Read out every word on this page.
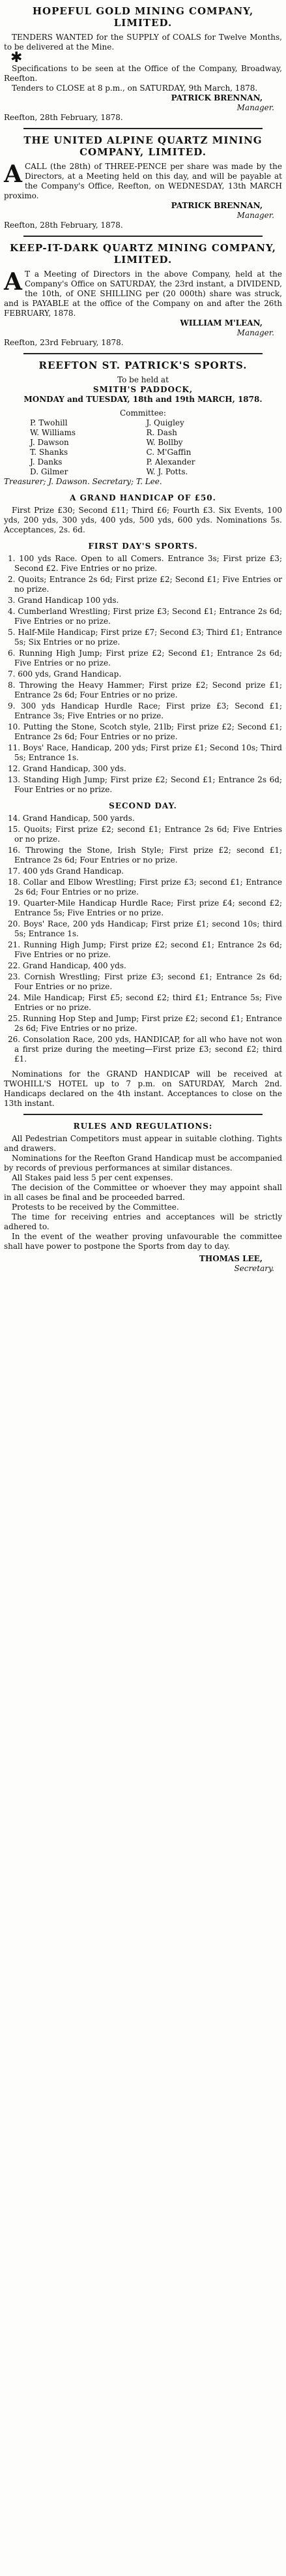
HOPEFUL GOLD MINING COMPANY, LIMITED.

TENDERS WANTED for the SUPPLY of COALS for Twelve Months, to be delivered at the Mine.

✱

Specifications to be seen at the Office of the Company, Broadway, Reefton.

Tenders to CLOSE at 8 p.m., on SATURDAY, 9th March, 1878.

PATRICK BRENNAN,
Manager.

Reefton, 28th February, 1878.

THE UNITED ALPINE QUARTZ MINING COMPANY, LIMITED.
A CALL (the 28th) of THREE-PENCE per share was made by the Directors, at a Meeting held on this day, and will be payable at the Company's Office, Reefton, on WEDNESDAY, 13th MARCH proximo.

PATRICK BRENNAN,
Manager.

Reefton, 28th February, 1878.

KEEP-IT-DARK QUARTZ MINING COMPANY, LIMITED.
A T a Meeting of Directors in the above Company, held at the Company's Office on SATURDAY, the 23rd instant, a DIVIDEND, the 10th, of ONE SHILLING per (20 000th) share was struck, and is PAYABLE at the office of the Company on and after the 26th FEBRUARY, 1878.

WILLIAM M'LEAN,
Manager.

Reefton, 23rd February, 1878.

REEFTON ST. PATRICK'S SPORTS.
To be held at
SMITH'S PADDOCK,
MONDAY and TUESDAY, 18th and 19th MARCH, 1878.
Committee:
P. Twohill	J. Quigley
W. Williams	R. Dash
J. Dawson	W. Bollby
T. Shanks	C. M'Gaffin
J. Danks	P. Alexander
D. Gilmer	W. J. Potts.

Treasurer; J. Dawson. Secretary; T. Lee.

A GRAND HANDICAP OF £50.

First Prize £30; Second £11; Third £6; Fourth £3. Six Events, 100 yds, 200 yds, 300 yds, 400 yds, 500 yds, 600 yds. Nominations 5s. Acceptances, 2s. 6d.

FIRST DAY'S SPORTS.

1. 100 yds Race. Open to all Comers. Entrance 3s; First prize £3; Second £2. Five Entries or no prize.

2. Quoits; Entrance 2s 6d; First prize £2; Second £1; Five Entries or no prize.

3. Grand Handicap 100 yds.

4. Cumberland Wrestling; First prize £3; Second £1; Entrance 2s 6d; Five Entries or no prize.

5. Half-Mile Handicap; First prize £7; Second £3; Third £1; Entrance 5s; Six Entries or no prize.

6. Running High Jump; First prize £2; Second £1; Entrance 2s 6d; Five Entries or no prize.

7. 600 yds, Grand Handicap.

8. Throwing the Heavy Hammer; First prize £2; Second prize £1; Entrance 2s 6d; Four Entries or no prize.

9. 300 yds Handicap Hurdle Race; First prize £3; Second £1; Entrance 3s; Five Entries or no prize.

10. Putting the Stone, Scotch style, 21lb; First prize £2; Second £1; Entrance 2s 6d; Four Entries or no prize.

11. Boys' Race, Handicap, 200 yds; First prize £1; Second 10s; Third 5s; Entrance 1s.

12. Grand Handicap, 300 yds.

13. Standing High Jump; First prize £2; Second £1; Entrance 2s 6d; Four Entries or no prize.

SECOND DAY.

14. Grand Handicap, 500 yards.

15. Quoits; First prize £2; second £1; Entrance 2s 6d; Five Entries or no prize.

16. Throwing the Stone, Irish Style; First prize £2; second £1; Entrance 2s 6d; Four Entries or no prize.

17. 400 yds Grand Handicap.

18. Collar and Elbow Wrestling; First prize £3; second £1; Entrance 2s 6d; Four Entries or no prize.

19. Quarter-Mile Handicap Hurdle Race; First prize £4; second £2; Entrance 5s; Five Entries or no prize.

20. Boys' Race, 200 yds Handicap; First prize £1; second 10s; third 5s; Entrance 1s.

21. Running High Jump; First prize £2; second £1; Entrance 2s 6d; Five Entries or no prize.

22. Grand Handicap, 400 yds.

23. Cornish Wrestling; First prize £3; second £1; Entrance 2s 6d; Four Entries or no prize.

24. Mile Handicap; First £5; second £2; third £1; Entrance 5s; Five Entries or no prize.

25. Running Hop Step and Jump; First prize £2; second £1; Entrance 2s 6d; Five Entries or no prize.

26. Consolation Race, 200 yds, HANDICAP, for all who have not won a first prize during the meeting—First prize £3; second £2; third £1.

Nominations for the GRAND HANDICAP will be received at TWOHILL'S HOTEL up to 7 p.m. on SATURDAY, March 2nd. Handicaps declared on the 4th instant. Acceptances to close on the 13th instant.

RULES AND REGULATIONS:

All Pedestrian Competitors must appear in suitable clothing. Tights and drawers.

Nominations for the Reefton Grand Handicap must be accompanied by records of previous performances at similar distances.

All Stakes paid less 5 per cent expenses.

The decision of the Committee or whoever they may appoint shall in all cases be final and be proceeded barred.

Protests to be received by the Committee.

The time for receiving entries and acceptances will be strictly adhered to.

In the event of the weather proving unfavourable the committee shall have power to postpone the Sports from day to day.

THOMAS LEE,
Secretary.
